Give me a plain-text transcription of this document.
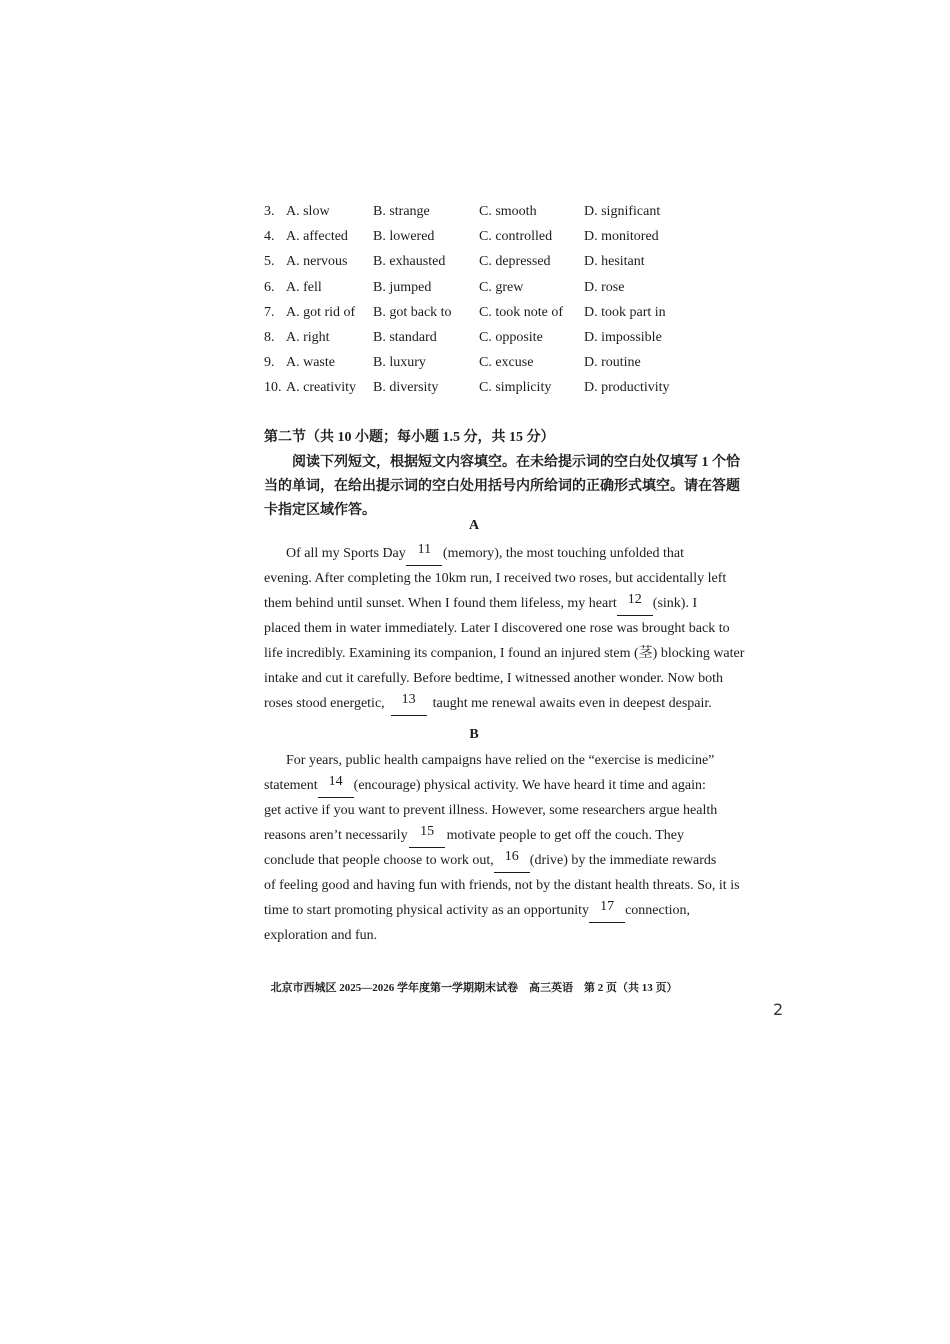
3. A. slow	B. strange	C. smooth	D. significant
4. A. affected B. lowered	C. controlled D. monitored
5. A. nervous B. exhausted C. depressed D. hesitant
6. A. fell	B. jumped	C. grew	D. rose
7. A. got rid of B. got back to C. took note of D. took part in
8. A. right	B. standard	C. opposite	D. impossible
9. A. waste	B. luxury	C. excuse	D. routine
10. A. creativity B. diversity	C. simplicity D. productivity
第二节（共 10 小题；每小题 1.5 分，共 15 分）
阅读下列短文，根据短文内容填空。在未给提示词的空白处仅填写 1 个恰
当的单词，在给出提示词的空白处用括号内所给词的正确形式填空。请在答题
卡指定区域作答。
A
Of all my Sports Day 11 (memory), the most touching unfolded that
evening. After completing the 10km run, I received two roses, but accidentally left
them behind until sunset. When I found them lifeless, my heart 12 (sink). I
placed them in water immediately. Later I discovered one rose was brought back to
life incredibly. Examining its companion, I found an injured stem (茎) blocking water
intake and cut it carefully. Before bedtime, I witnessed another wonder. Now both
roses stood energetic,	13	taught me renewal awaits even in deepest despair.
B
For years, public health campaigns have relied on the “exercise is medicine”
statement 14 (encourage) physical activity. We have heard it time and again:
get active if you want to prevent illness. However, some researchers argue health
reasons aren’t necessarily 15 motivate people to get off the couch. They
conclude that people choose to work out, 16 (drive) by the immediate rewards
of feeling good and having fun with friends, not by the distant health threats. So, it is
time to start promoting physical activity as an opportunity 17 connection,
exploration and fun.
北京市西城区 2025—2026 学年度第一学期期末试卷　高三英语　第 2 页（共 13 页）
2
